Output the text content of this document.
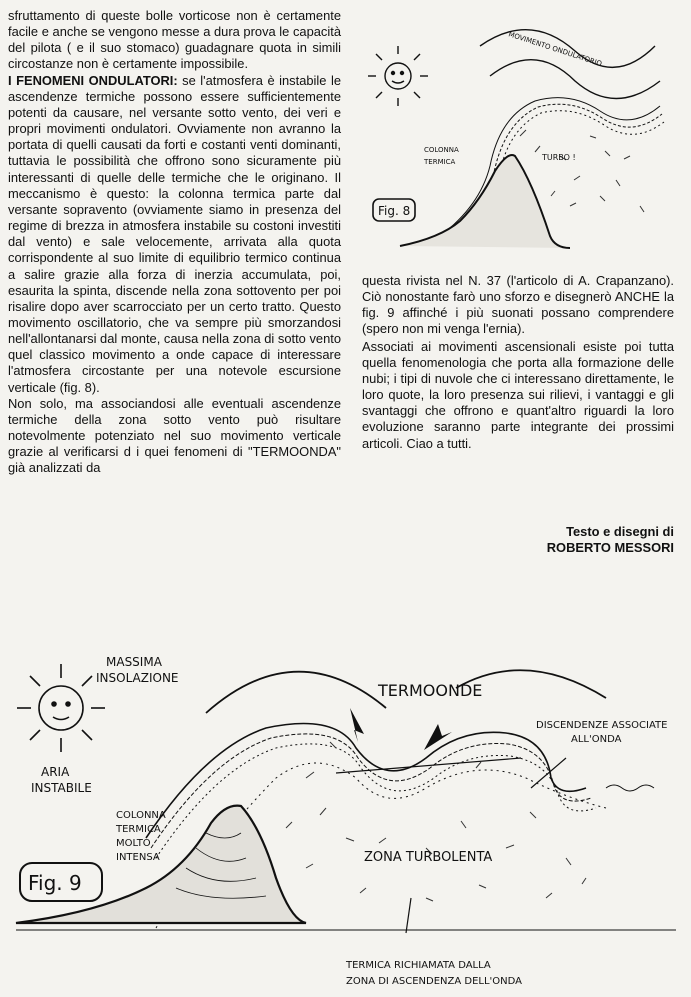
sfruttamento di queste bolle vorticose non è certamente facile e anche se vengono messe a dura prova le capacità del pilota ( e il suo stomaco) guadagnare quota in simili circostanze non è certamente impossibile.

I FENOMENI ONDULATORI: se l'atmosfera è instabile le ascendenze termiche possono essere sufficientemente potenti da causare, nel versante sotto vento, dei veri e propri movimenti ondulatori. Ovviamente non avranno la portata di quelli causati da forti e costanti venti dominanti, tuttavia le possibilità che offrono sono sicuramente più interessanti di quelle delle termiche che le originano. Il meccanismo è questo: la colonna termica parte dal versante sopravento (ovviamente siamo in presenza del regime di brezza in atmosfera instabile su costoni investiti dal vento) e sale velocemente, arrivata alla quota corrispondente al suo limite di equilibrio termico continua a salire grazie alla forza di inerzia accumulata, poi, esaurita la spinta, discende nella zona sottovento per poi risalire dopo aver scarrocciato per un certo tratto. Questo movimento oscillatorio, che va sempre più smorzandosi nell'allontanarsi dal monte, causa nella zona di sotto vento quel classico movimento a onde capace di interessare l'atmosfera circostante per una notevole escursione verticale (fig. 8).

Non solo, ma associandosi alle eventuali ascendenze termiche della zona sotto vento può risultare notevolmente potenziato nel suo movimento verticale grazie al verificarsi d i quei fenomeni di "TERMOONDA" già analizzati da

MOVIMENTO ONDULATORIO
COLONNA
TERMICA	TURBO !
Fig. 8

questa rivista nel N. 37 (l'articolo di A. Crapanzano). Ciò nonostante farò uno sforzo e disegnerò ANCHE la fig. 9 affinché i più suonati possano comprendere (spero non mi venga l'ernia).

Associati ai movimenti ascensionali esiste poi tutta quella fenomenologia che porta alla formazione delle nubi; i tipi di nuvole che ci interessano direttamente, le loro quote, la loro presenza sui rilievi, i vantaggi e gli svantaggi che offrono e quant'altro riguardi la loro evoluzione saranno parte integrante dei prossimi articoli. Ciao a tutti.

Testo e disegni di
ROBERTO MESSORI
MASSIMA
INSOLAZIONE
ARIA
INSTABILE
COLONNA
TERMICA
MOLTO
INTENSA
TERMOONDE
DISCENDENZE ASSOCIATE
ALL'ONDA
ZONA TURBOLENTA
TERMICA RICHIAMATA DALLA
ZONA DI ASCENDENZA DELL'ONDA
Fig. 9
